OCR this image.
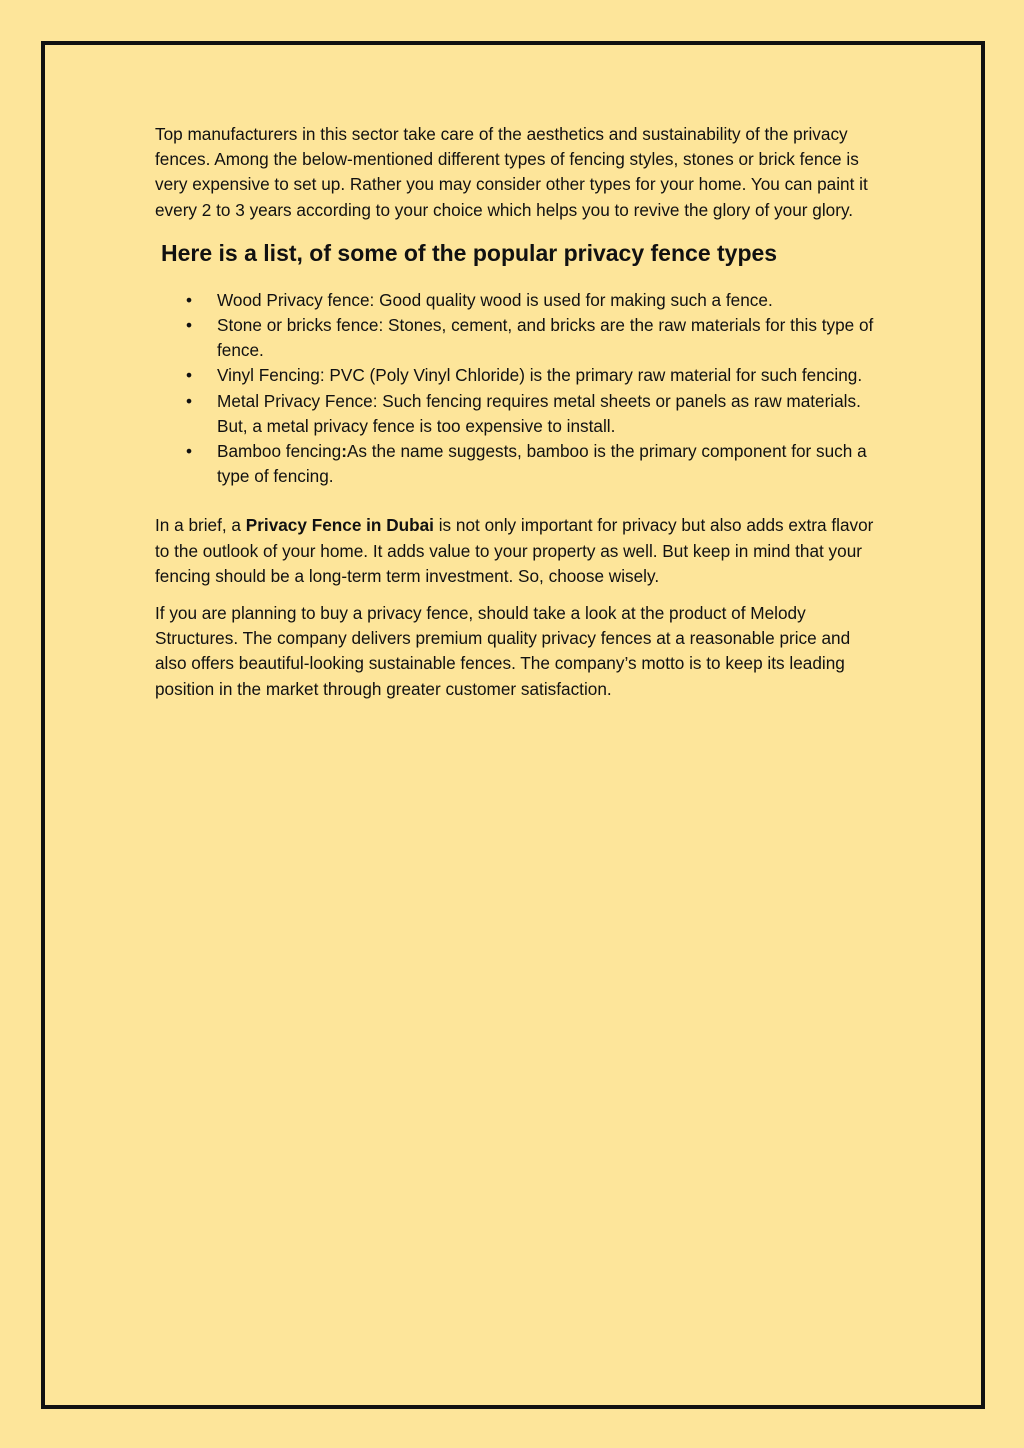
Top manufacturers in this sector take care of the aesthetics and sustainability of the privacy fences. Among the below-mentioned different types of fencing styles, stones or brick fence is very expensive to set up. Rather you may consider other types for your home. You can paint it every 2 to 3 years according to your choice which helps you to revive the glory of your glory.

Here is a list, of some of the popular privacy fence types
• Wood Privacy fence: Good quality wood is used for making such a fence.
• Stone or bricks fence: Stones, cement, and bricks are the raw materials for this type of fence.
• Vinyl Fencing: PVC (Poly Vinyl Chloride) is the primary raw material for such fencing.
• Metal Privacy Fence: Such fencing requires metal sheets or panels as raw materials. But, a metal privacy fence is too expensive to install.
• Bamboo fencing:As the name suggests, bamboo is the primary component for such a type of fencing.

In a brief, a Privacy Fence in Dubai is not only important for privacy but also adds extra flavor to the outlook of your home. It adds value to your property as well. But keep in mind that your fencing should be a long-term term investment. So, choose wisely.

If you are planning to buy a privacy fence, should take a look at the product of Melody Structures. The company delivers premium quality privacy fences at a reasonable price and also offers beautiful-looking sustainable fences. The company’s motto is to keep its leading position in the market through greater customer satisfaction.
